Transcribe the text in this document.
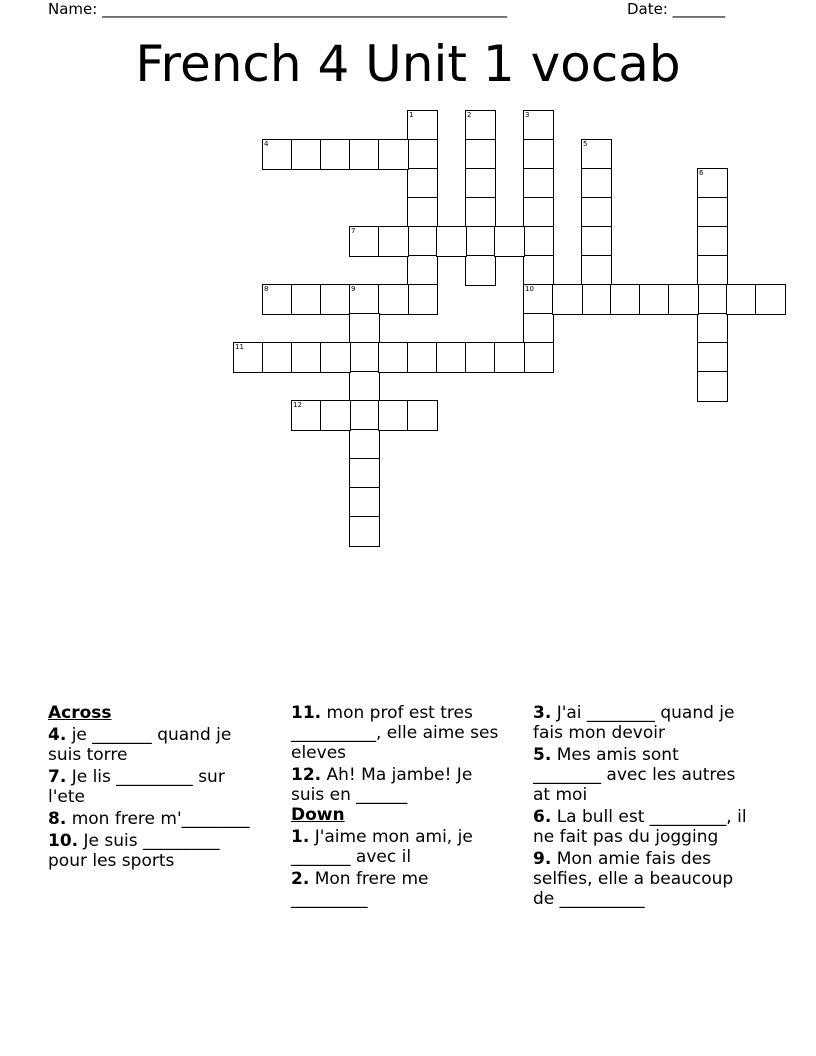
Name: ______________________________________________________	Date: _______
French 4 Unit 1 vocab
1	2	3
10
4	5
6
7
8	9
11
12
Across
4. je _______ quand je suis torre
7. Je lis _________ sur l'ete
8. mon frere m'________
10. Je suis _________ pour les sports
11. mon prof est tres __________, elle aime ses eleves
12. Ah! Ma jambe! Je suis en ______
Down
1. J'aime mon ami, je _______ avec il
2. Mon frere me _________
3. J'ai ________ quand je fais mon devoir
5. Mes amis sont ________ avec les autres at moi
6. La bull est _________, il ne fait pas du jogging
9. Mon amie fais des selfies, elle a beaucoup de __________
